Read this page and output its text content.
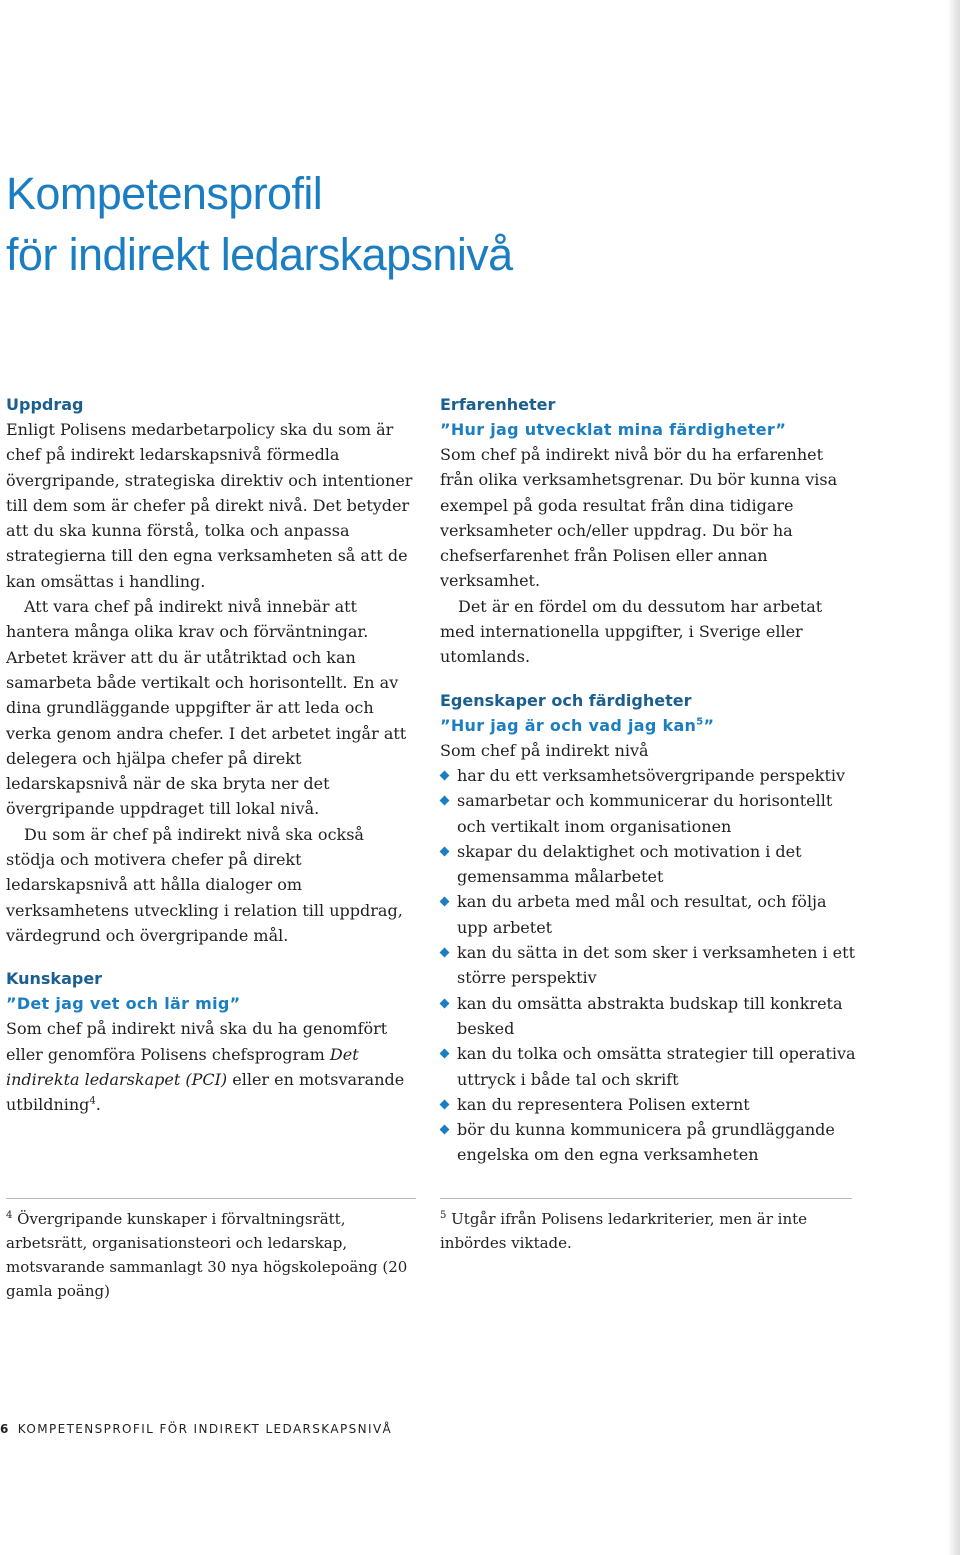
Kompetensprofil
för indirekt ledarskapsnivå
Uppdrag

Enligt Polisens medarbetarpolicy ska du som är chef på indirekt ledarskapsnivå förmedla övergripande, strategiska direktiv och intentioner till dem som är chefer på direkt nivå. Det betyder att du ska kunna förstå, tolka och anpassa strategierna till den egna verksamheten så att de kan omsättas i handling.

Att vara chef på indirekt nivå innebär att hantera många olika krav och förväntningar. Arbetet kräver att du är utåtriktad och kan samarbeta både vertikalt och horisontellt. En av dina grundläggande uppgifter är att leda och verka genom andra chefer. I det arbetet ingår att delegera och hjälpa chefer på direkt ledarskapsnivå när de ska bryta ner det övergripande uppdraget till lokal nivå.

Du som är chef på indirekt nivå ska också stödja och motivera chefer på direkt ledarskapsnivå att hålla dialoger om verksamhetens utveckling i relation till uppdrag, värdegrund och övergripande mål.

Kunskaper

”Det jag vet och lär mig”

Som chef på indirekt nivå ska du ha genomfört eller genomföra Polisens chefsprogram Det indirekta ledarskapet (PCI) eller en motsvarande utbildning$^4$.

Erfarenheter

”Hur jag utvecklat mina färdigheter”

Som chef på indirekt nivå bör du ha erfarenhet från olika verksamhetsgrenar. Du bör kunna visa exempel på goda resultat från dina tidigare verksamheter och/eller uppdrag. Du bör ha chefserfarenhet från Polisen eller annan verksamhet.

Det är en fördel om du dessutom har arbetat med internationella uppgifter, i Sverige eller utomlands.

Egenskaper och färdigheter

”Hur jag är och vad jag kan$^5$”

Som chef på indirekt nivå

har du ett verksamhetsövergripande perspektiv
samarbetar och kommunicerar du horisontellt och vertikalt inom organisationen
skapar du delaktighet och motivation i det gemensamma målarbetet
kan du arbeta med mål och resultat, och följa upp arbetet
kan du sätta in det som sker i verksamheten i ett större perspektiv
kan du omsätta abstrakta budskap till konkreta besked
kan du tolka och omsätta strategier till operativa uttryck i både tal och skrift
kan du representera Polisen externt
bör du kunna kommunicera på grundläggande engelska om den egna verksamheten

$^4$ Övergripande kunskaper i förvaltningsrätt, arbetsrätt, organisationsteori och ledarskap, motsvarande sammanlagt 30 nya högskolepoäng (20 gamla poäng)

$^5$ Utgår ifrån Polisens ledarkriterier, men är inte inbördes viktade.

6 KOMPETENSPROFIL FÖR INDIREKT LEDARSKAPSNIVÅ
